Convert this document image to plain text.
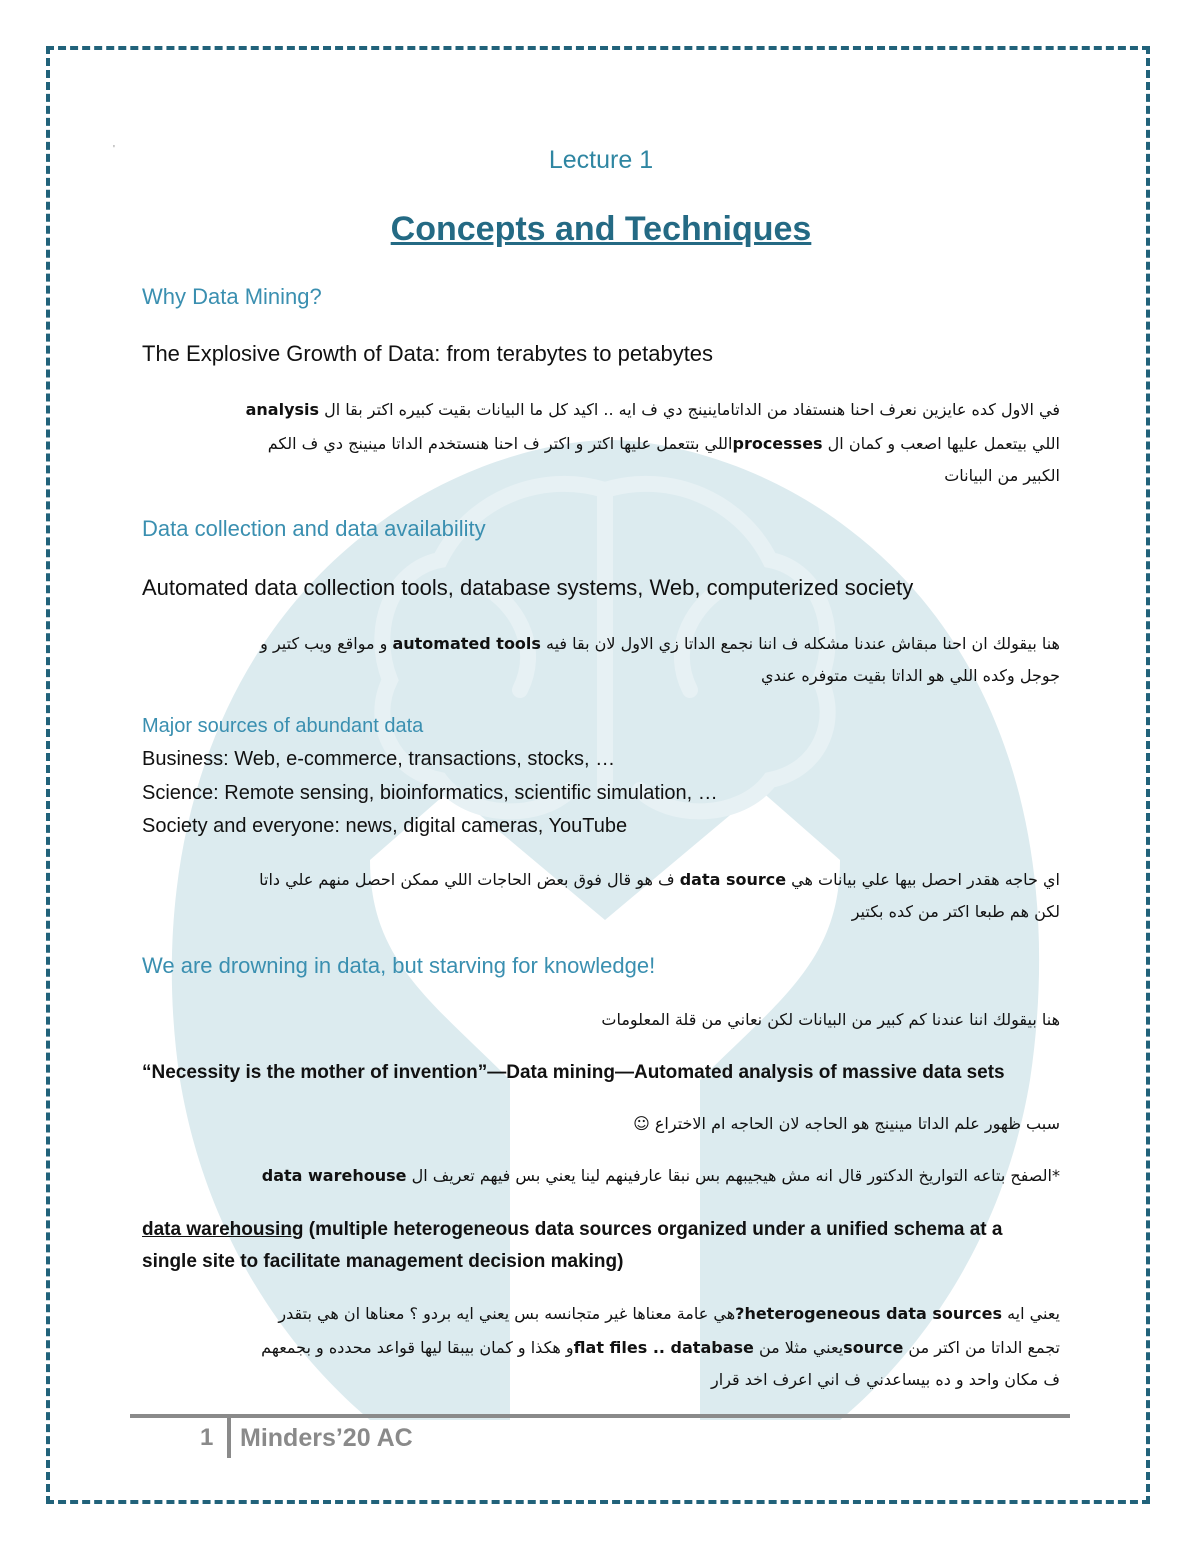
'	Lecture 1
Concepts and Techniques
Why Data Mining?
The Explosive Growth of Data: from terabytes to petabytes
في الاول كده عايزين نعرف احنا هنستفاد من الداتاماينينج دي ف ايه .. اكيد كل ما البيانات بقيت كبيره اكتر بقا ال analysis
اللي بيتعمل عليها اصعب و كمان ال processesاللي بتتعمل عليها اكتر و اكتر ف احنا هنستخدم الداتا مينينج دي ف الكم
الكبير من البيانات
Data collection and data availability
Automated data collection tools, database systems, Web, computerized society
هنا بيقولك ان احنا مبقاش عندنا مشكله ف اننا نجمع الداتا زي الاول لان بقا فيه automated tools و مواقع ويب كتير و
جوجل وكده اللي هو الداتا بقيت متوفره عندي
Major sources of abundant data
Business: Web, e-commerce, transactions, stocks, …
Science: Remote sensing, bioinformatics, scientific simulation, …
Society and everyone: news, digital cameras, YouTube
اي حاجه هقدر احصل بيها علي بيانات هي data source ف هو قال فوق بعض الحاجات اللي ممكن احصل منهم علي داتا
لكن هم طبعا اكتر من كده بكتير
We are drowning in data, but starving for knowledge!
هنا بيقولك اننا عندنا كم كبير من البيانات لكن نعاني من قلة المعلومات
“Necessity is the mother of invention”—Data mining—Automated analysis of massive data sets
سبب ظهور علم الداتا مينينج هو الحاجه لان الحاجه ام الاختراع ☺
*الصفح بتاعه التواريخ الدكتور قال انه مش هيجيبهم بس نبقا عارفينهم لينا يعني بس فيهم تعريف ال data warehouse
data warehousing (multiple heterogeneous data sources organized under a unified schema at a
single site to facilitate management decision making)
يعني ايه heterogeneous data sources?هي عامة معناها غير متجانسه بس يعني ايه بردو ؟ معناها ان هي بتقدر
تجمع الداتا من اكتر من sourceيعني مثلا من flat files .. databaseو هكذا و كمان بيبقا ليها قواعد محدده و بجمعهم
ف مكان واحد و ده بيساعدني ف اني اعرف اخد قرار
1 Minders’20 AC
